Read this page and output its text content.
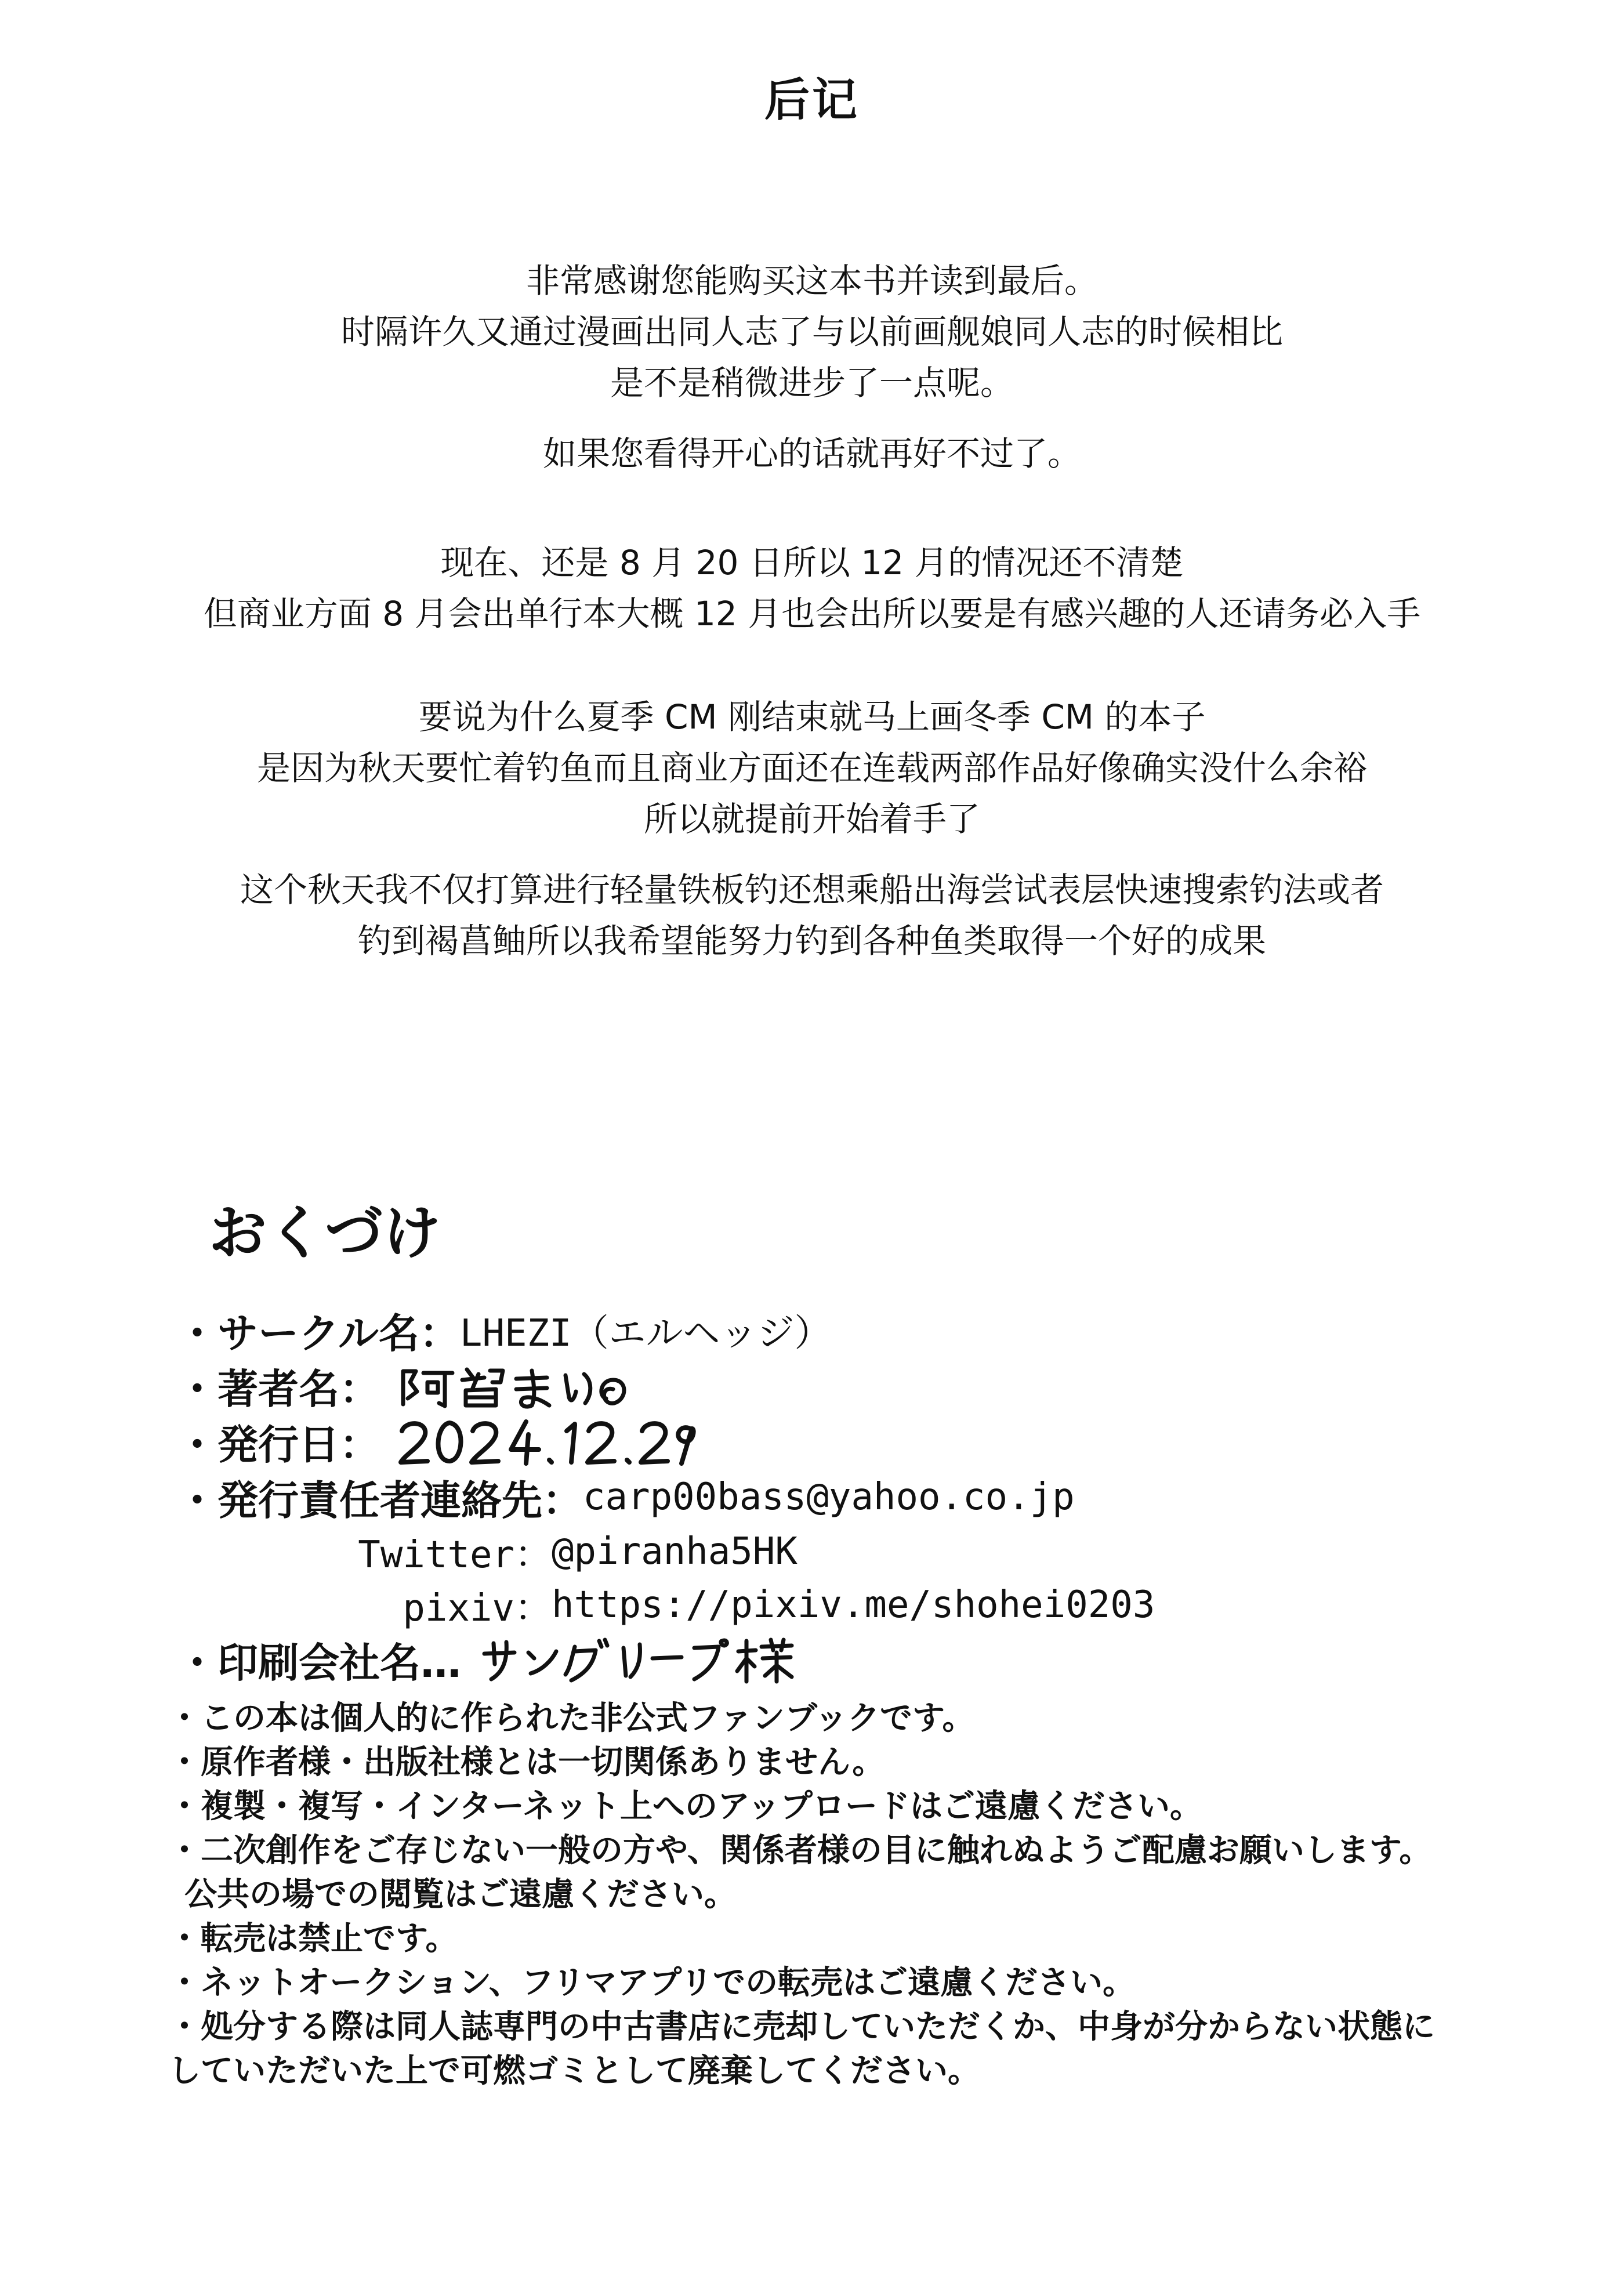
后记
非常感谢您能购买这本书并读到最后。
时隔许久又通过漫画出同人志了与以前画舰娘同人志的时候相比
是不是稍微进步了一点呢。
如果您看得开心的话就再好不过了。
现在、还是 8 月 20 日所以 12 月的情况还不清楚
但商业方面 8 月会出单行本大概 12 月也会出所以要是有感兴趣的人还请务必入手
要说为什么夏季 CM 刚结束就马上画冬季 CM 的本子
是因为秋天要忙着钓鱼而且商业方面还在连载两部作品好像确实没什么余裕
所以就提前开始着手了
这个秋天我不仅打算进行轻量铁板钓还想乘船出海尝试表层快速搜索钓法或者
钓到褐菖鲉所以我希望能努力钓到各种鱼类取得一个好的成果
おくづけ
・サークル名： LHEZI（エルヘッジ）
・著者名：
・発行日：
・発行責任者連絡先： carp00bass@yahoo.co.jp
Twitter： @piranha5HK
pixiv： https://pixiv.me/shohei0203
・印刷会社名…
・この本は個人的に作られた非公式ファンブックです。
・原作者様・出版社様とは一切関係ありません。
・複製・複写・インターネット上へのアップロードはご遠慮ください。
・二次創作をご存じない一般の方や、関係者様の目に触れぬようご配慮お願いします。
公共の場での閲覧はご遠慮ください。
・転売は禁止です。
・ネットオークション、フリマアプリでの転売はご遠慮ください。
・処分する際は同人誌専門の中古書店に売却していただくか、中身が分からない状態に
していただいた上で可燃ゴミとして廃棄してください。
